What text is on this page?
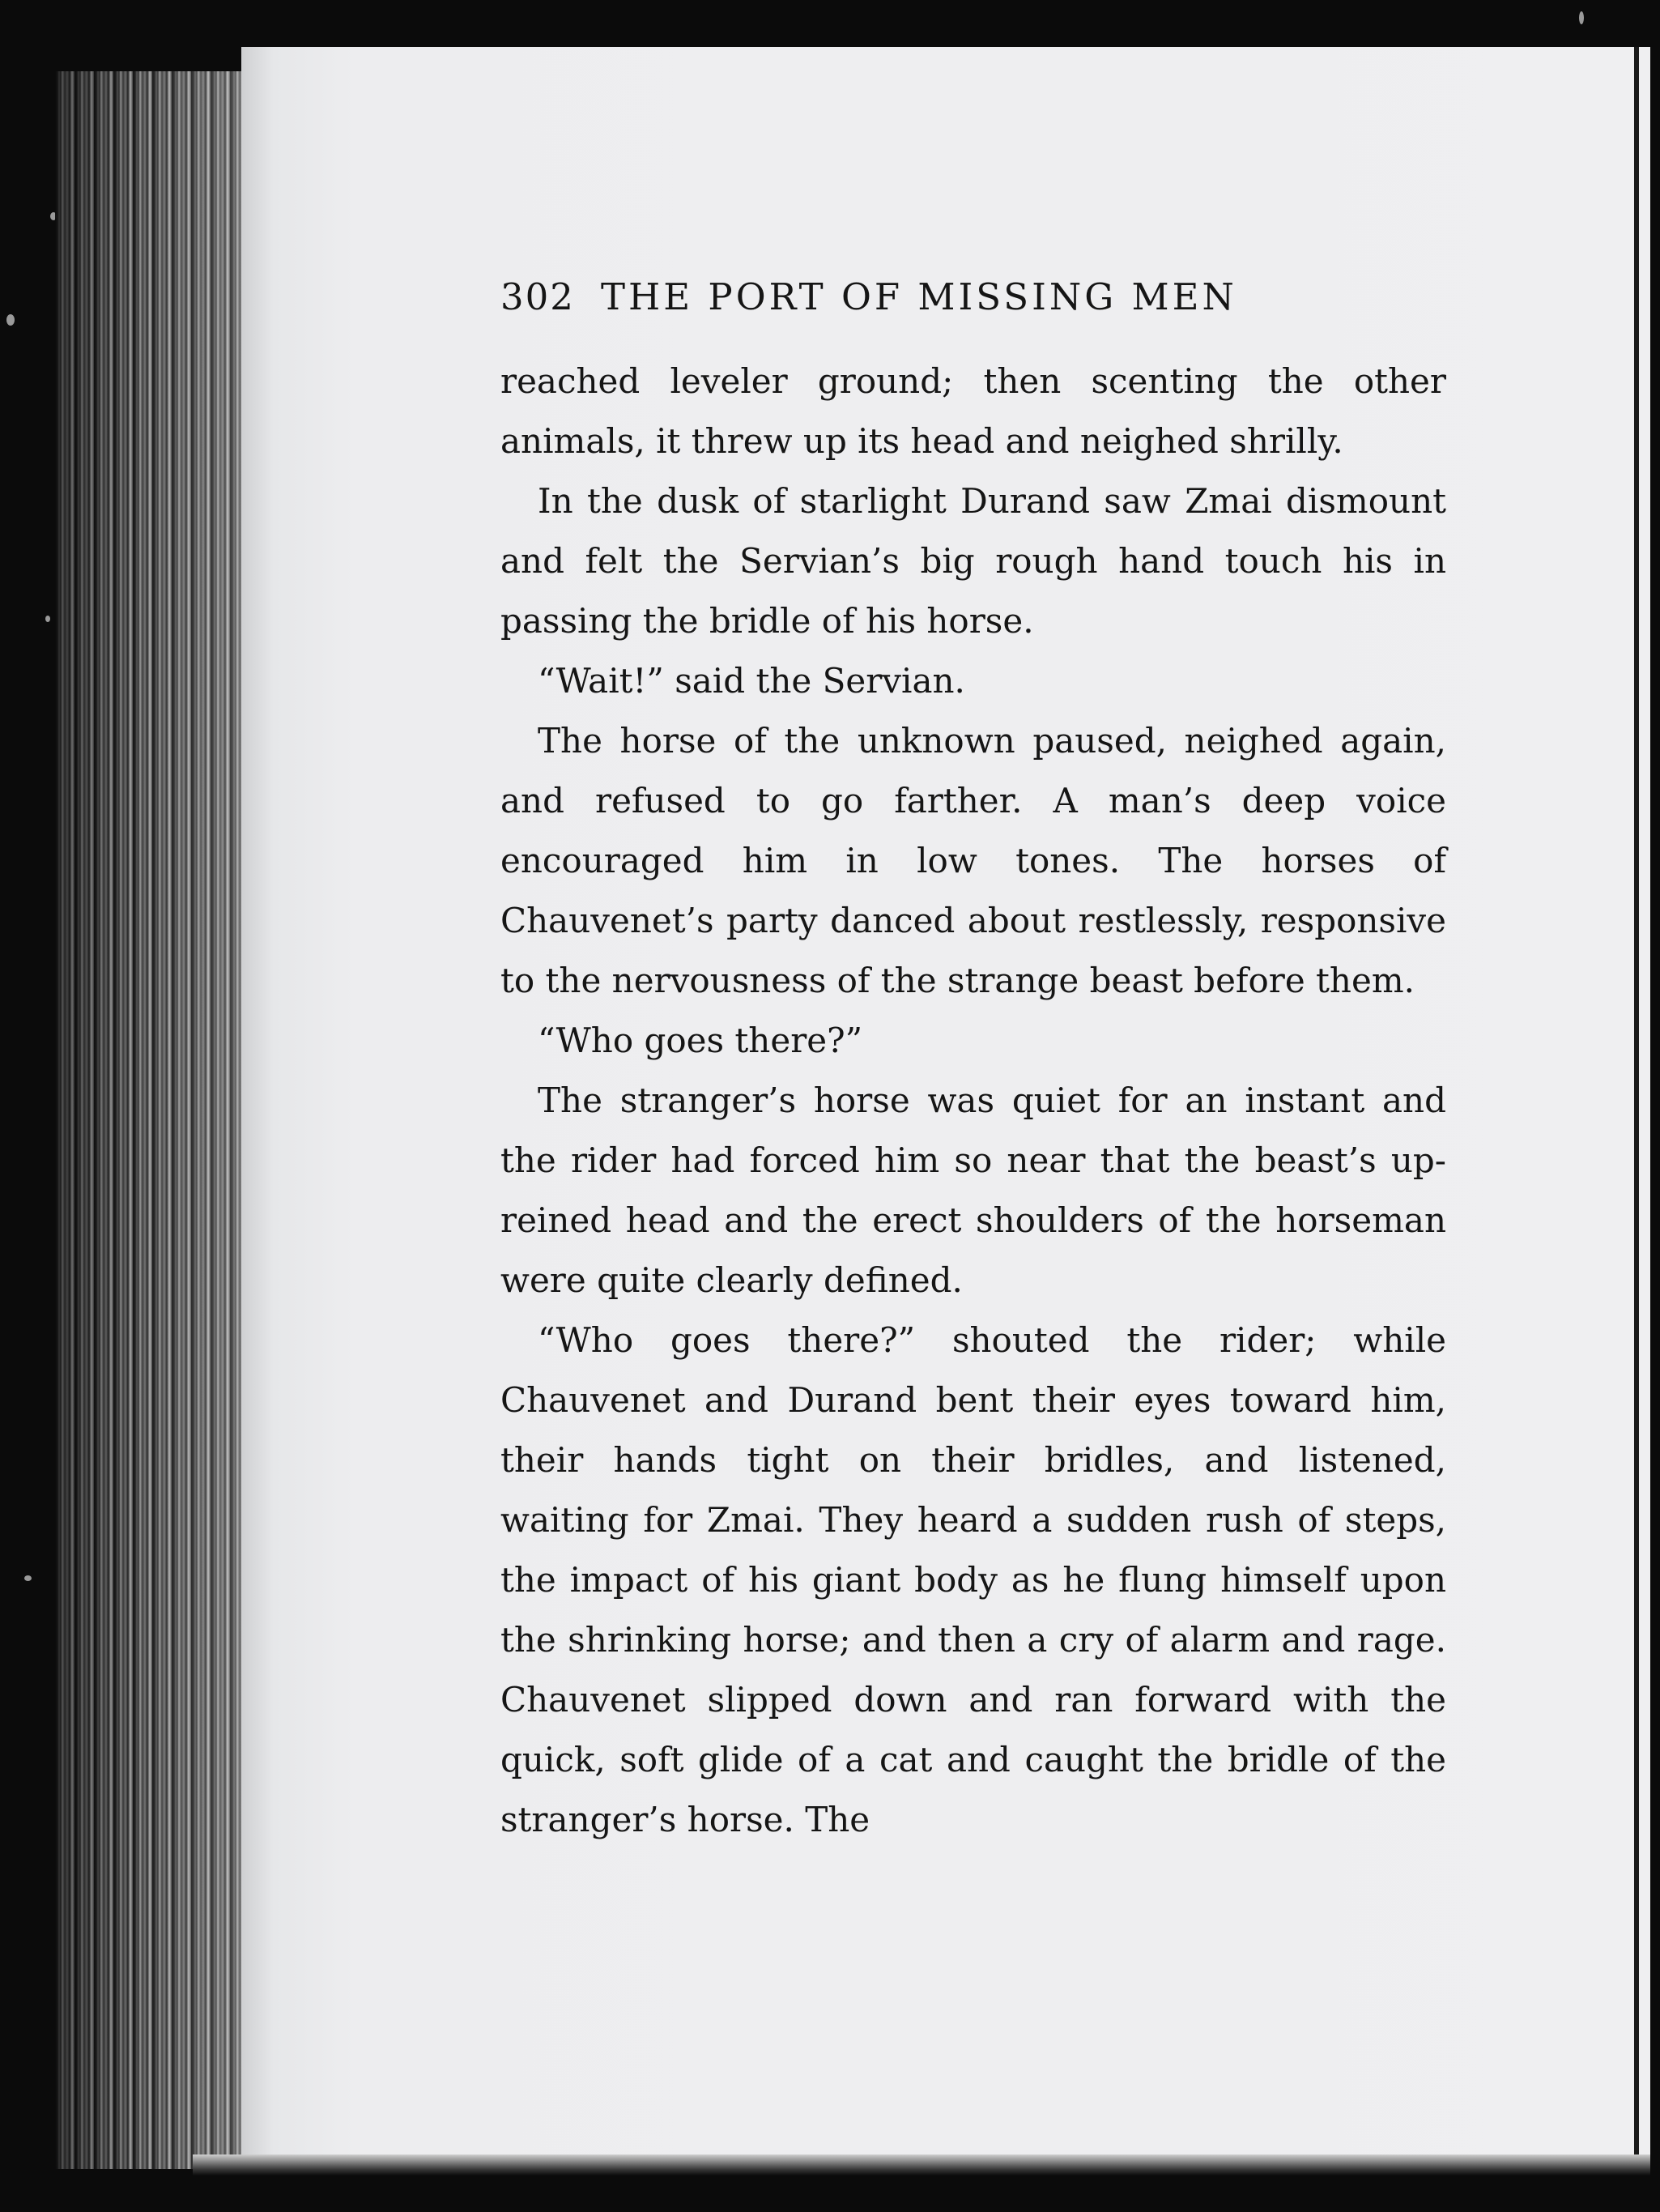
302 THE PORT OF MISSING MEN

reached leveler ground; then scenting the other animals, it threw up its head and neighed shrilly.

In the dusk of starlight Durand saw Zmai dismount and felt the Servian’s big rough hand touch his in passing the bridle of his horse.

“Wait!” said the Servian.

The horse of the unknown paused, neighed again, and refused to go farther. A man’s deep voice encouraged him in low tones. The horses of Chauvenet’s party danced about restlessly, responsive to the nervousness of the strange beast before them.

“Who goes there?”

The stranger’s horse was quiet for an instant and the rider had forced him so near that the beast’s up-reined head and the erect shoulders of the horseman were quite clearly defined.

“Who goes there?” shouted the rider; while Chauvenet and Durand bent their eyes toward him, their hands tight on their bridles, and listened, waiting for Zmai. They heard a sudden rush of steps, the impact of his giant body as he flung himself upon the shrinking horse; and then a cry of alarm and rage. Chauvenet slipped down and ran forward with the quick, soft glide of a cat and caught the bridle of the stranger’s horse. The
